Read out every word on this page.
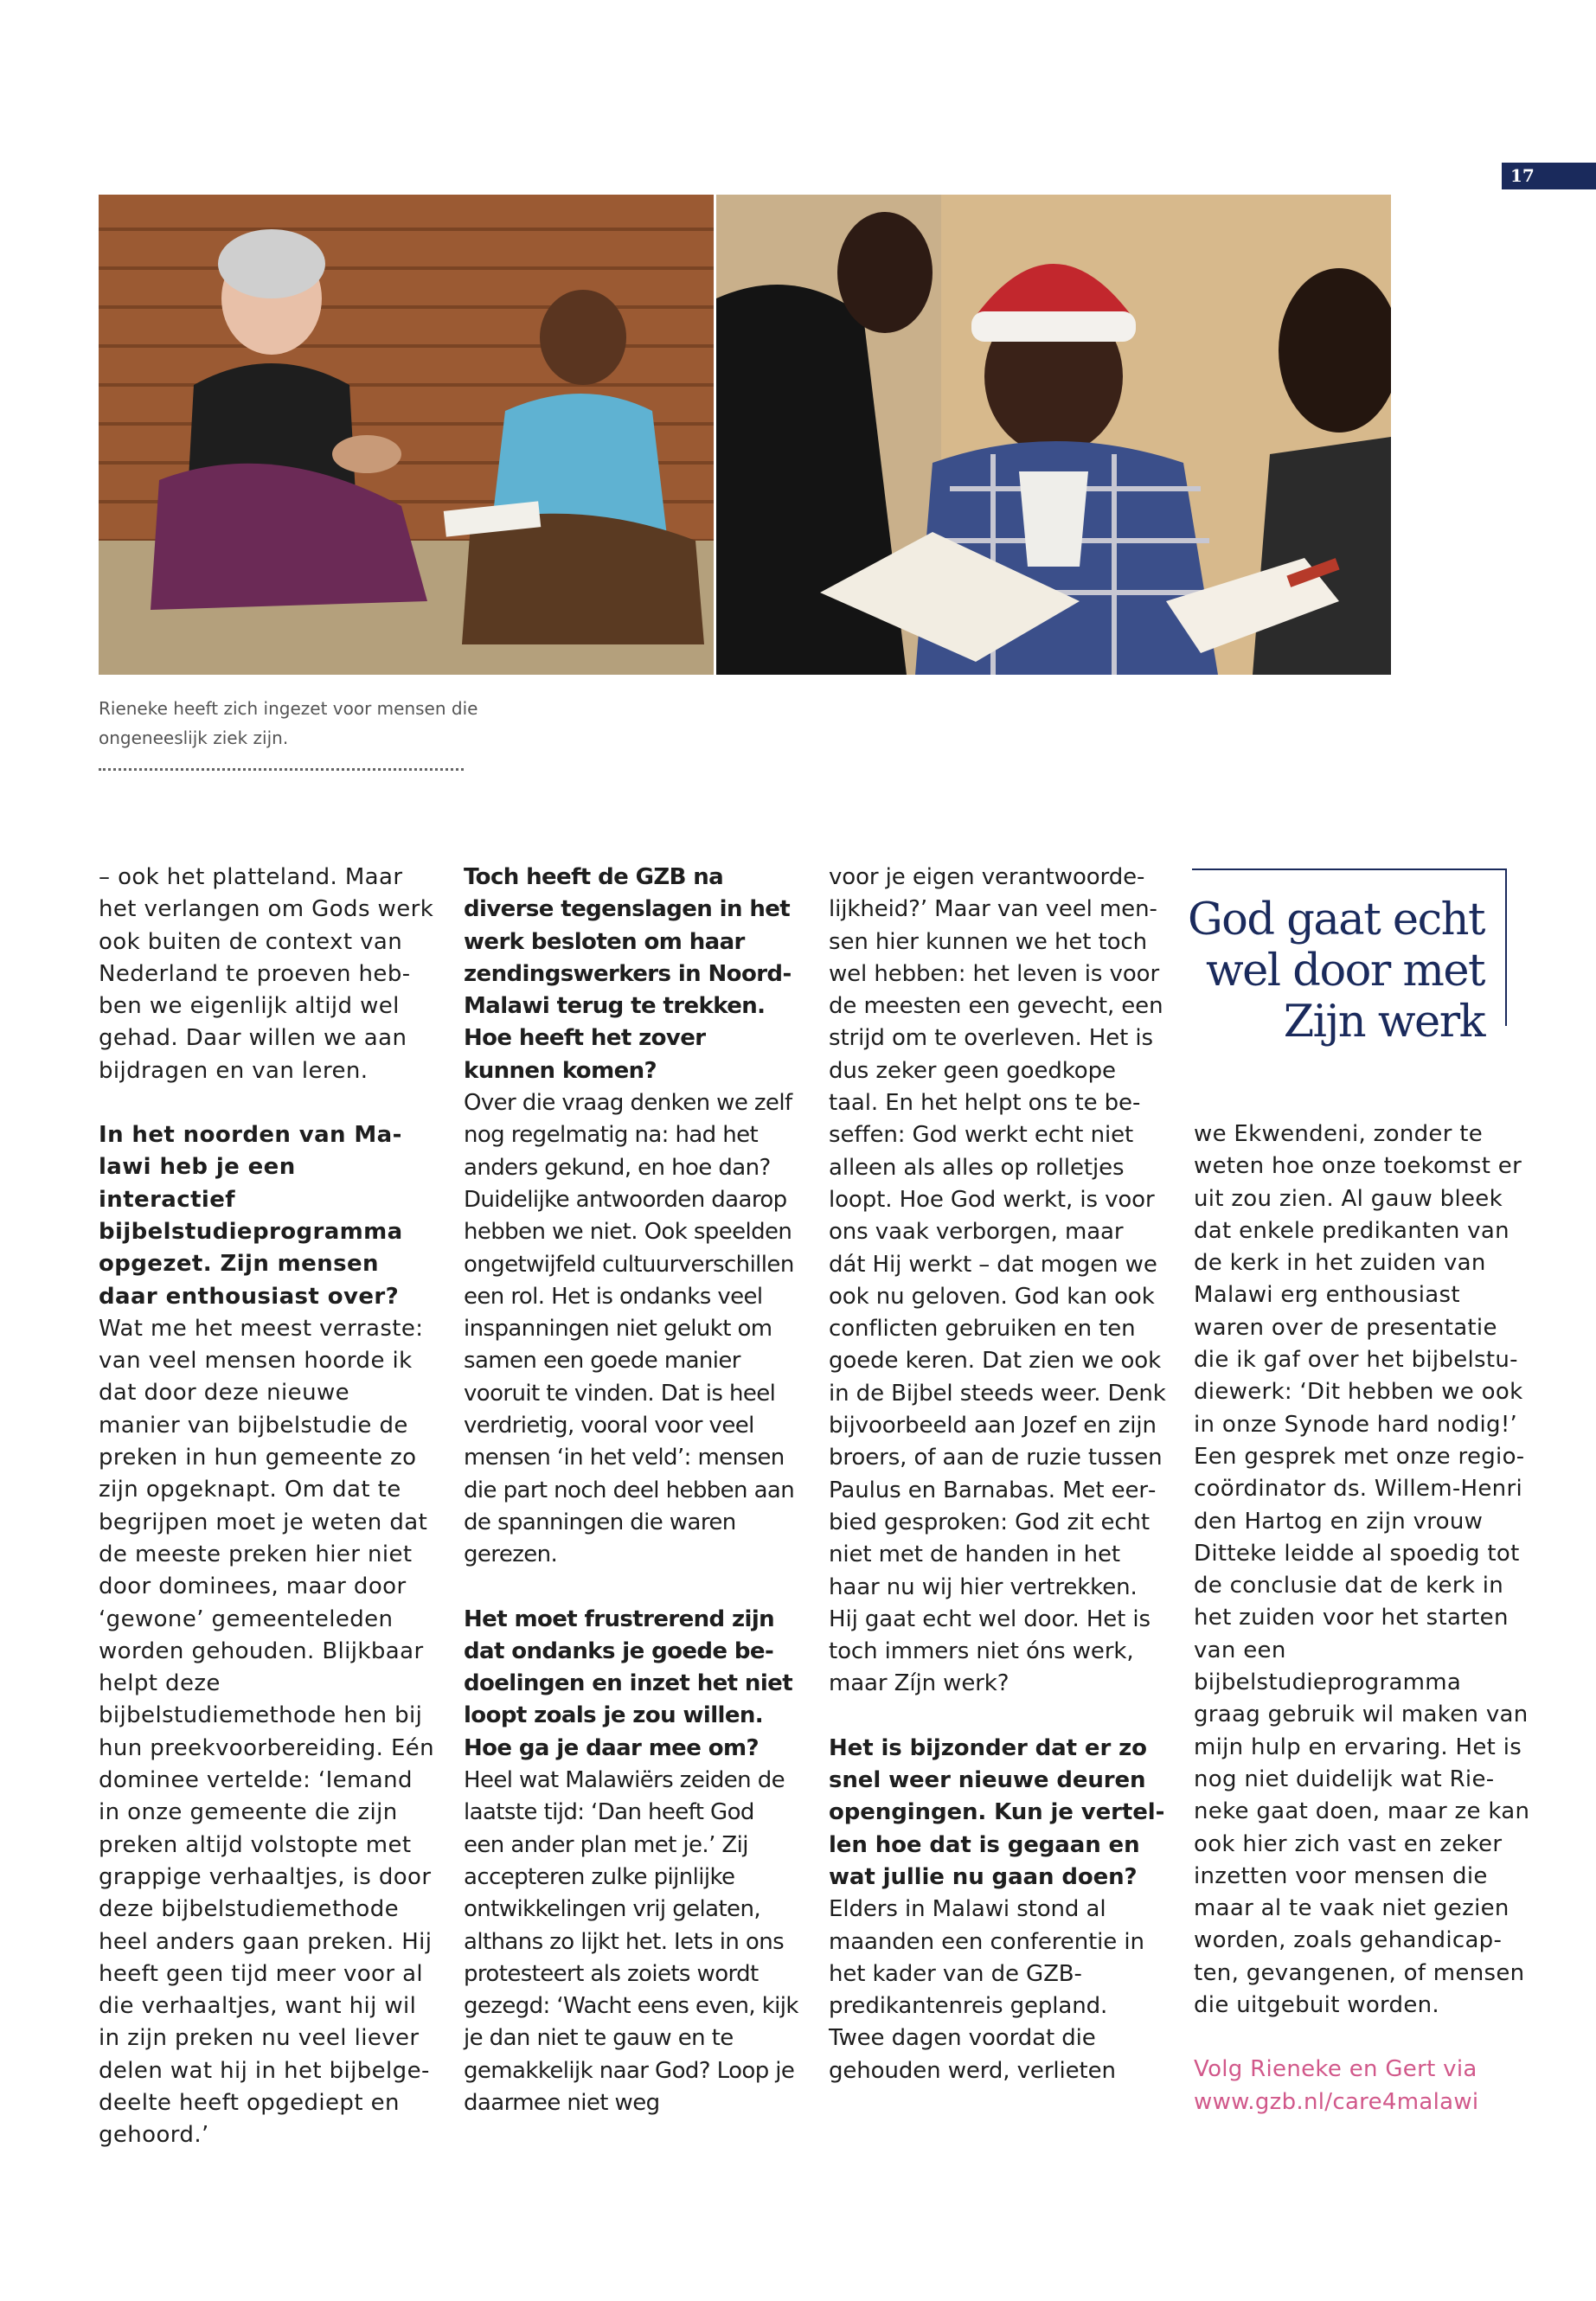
17
Rieneke heeft zich ingezet voor mensen die ongeneeslijk ziek zijn.

– ook het platteland. Maar het verlangen om Gods werk ook buiten de context van Nederland te proeven hebben we eigenlijk altijd wel gehad. Daar willen we aan bijdragen en van leren.

In het noorden van Malawi heb je een interactief bijbelstudieprogramma opgezet. Zijn mensen daar enthousiast over?

Wat me het meest verraste: van veel mensen hoorde ik dat door deze nieuwe manier van bijbelstudie de preken in hun gemeente zo zijn opgeknapt. Om dat te begrijpen moet je weten dat de meeste preken hier niet door dominees, maar door ‘gewone’ gemeenteleden worden gehouden. Blijkbaar helpt deze bijbelstudiemethode hen bij hun preekvoorbereiding. Eén dominee vertelde: ‘Iemand in onze gemeente die zijn preken altijd volstopte met grappige verhaaltjes, is door deze bijbelstudiemethode heel anders gaan preken. Hij heeft geen tijd meer voor al die verhaaltjes, want hij wil in zijn preken nu veel liever delen wat hij in het bijbelgedeelte heeft opgediept en gehoord.’

Toch heeft de GZB na diverse tegenslagen in het werk besloten om haar zendingswerkers in Noord-Malawi terug te trekken. Hoe heeft het zover kunnen komen?

Over die vraag denken we zelf nog regelmatig na: had het anders gekund, en hoe dan? Duidelijke antwoorden daarop hebben we niet. Ook speelden ongetwijfeld cultuurverschillen een rol. Het is ondanks veel inspanningen niet gelukt om samen een goede manier vooruit te vinden. Dat is heel verdrietig, vooral voor veel mensen ‘in het veld’: mensen die part noch deel hebben aan de spanningen die waren gerezen.

Het moet frustrerend zijn dat ondanks je goede bedoelingen en inzet het niet loopt zoals je zou willen. Hoe ga je daar mee om?

Heel wat Malawiërs zeiden de laatste tijd: ‘Dan heeft God een ander plan met je.’ Zij accepteren zulke pijnlijke ontwikkelingen vrij gelaten, althans zo lijkt het. Iets in ons protesteert als zoiets wordt gezegd: ‘Wacht eens even, kijk je dan niet te gauw en te gemakkelijk naar God? Loop je daarmee niet weg

voor je eigen verantwoordelijkheid?’ Maar van veel mensen hier kunnen we het toch wel hebben: het leven is voor de meesten een gevecht, een strijd om te overleven. Het is dus zeker geen goedkope taal. En het helpt ons te beseffen: God werkt echt niet alleen als alles op rolletjes loopt. Hoe God werkt, is voor ons vaak verborgen, maar dát Hij werkt – dat mogen we ook nu geloven. God kan ook conflicten gebruiken en ten goede keren. Dat zien we ook in de Bijbel steeds weer. Denk bijvoorbeeld aan Jozef en zijn broers, of aan de ruzie tussen Paulus en Barnabas. Met eerbied gesproken: God zit echt niet met de handen in het haar nu wij hier vertrekken. Hij gaat echt wel door. Het is toch immers niet óns werk, maar Zíjn werk?

Het is bijzonder dat er zo snel weer nieuwe deuren opengingen. Kun je vertellen hoe dat is gegaan en wat jullie nu gaan doen?

Elders in Malawi stond al maanden een conferentie in het kader van de GZB-predikantenreis gepland. Twee dagen voordat die gehouden werd, verlieten

God gaat echt
wel door met
Zijn werk

we Ekwendeni, zonder te weten hoe onze toekomst er uit zou zien. Al gauw bleek dat enkele predikanten van de kerk in het zuiden van Malawi erg enthousiast waren over de presentatie die ik gaf over het bijbelstudiewerk: ‘Dit hebben we ook in onze Synode hard nodig!’ Een gesprek met onze regiocoördinator ds. Willem-Henri den Hartog en zijn vrouw Ditteke leidde al spoedig tot de conclusie dat de kerk in het zuiden voor het starten van een bijbelstudieprogramma graag gebruik wil maken van mijn hulp en ervaring. Het is nog niet duidelijk wat Rieneke gaat doen, maar ze kan ook hier zich vast en zeker inzetten voor mensen die maar al te vaak niet gezien worden, zoals gehandicapten, gevangenen, of mensen die uitgebuit worden.

Volg Rieneke en Gert via

www.gzb.nl/care4malawi
